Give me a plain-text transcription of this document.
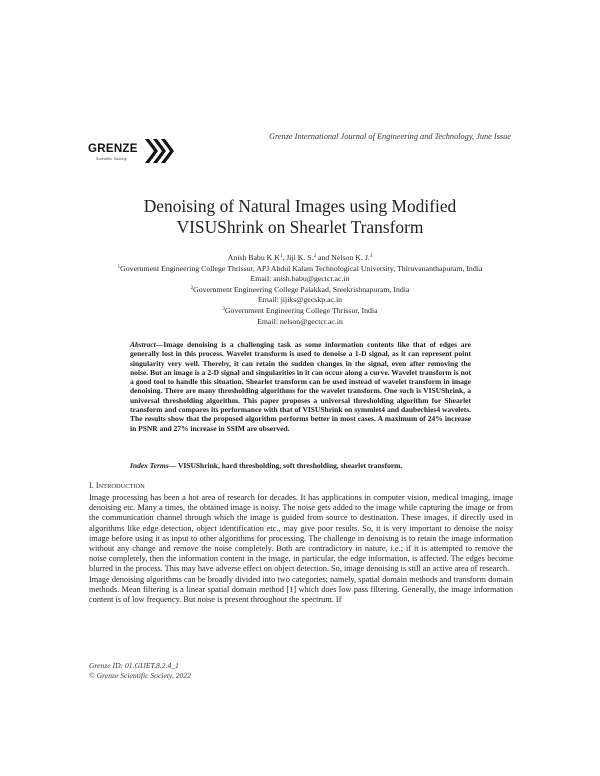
GRENZE
Scientific Society
Grenze International Journal of Engineering and Technology, June Issue
Denoising of Natural Images using Modified
VISUShrink on Shearlet Transform
Anish Babu K $K^1$, Jiji K. S.$^2$ and Nelson K. J.$^3$
$^1$Government Engineering College Thrissur, APJ Abdul Kalam Technological University, Thiruvananthapuram, India
Email: anish.babu@gectcr.ac.in
$^2$Government Engineering College Palakkad, Sreekrishnapuram, India
Email: jijiks@gecskp.ac.in
$^3$Government Engineering College Thrissur, India
Email: nelson@gectcr.ac.in
Abstract—Image denoising is a challenging task as some information contents like that of edges are generally lost in this process. Wavelet transform is used to denoise a 1-D signal, as it can represent point singularity very well. Thereby, it can retain the sudden changes in the signal, even after removing the noise. But an image is a 2-D signal and singularities in it can occur along a curve. Wavelet transform is not a good tool to handle this situation. Shearlet transform can be used instead of wavelet transform in image denoising. There are many thresholding algorithms for the wavelet transform. One such is VISUShrink, a universal thresholding algorithm. This paper proposes a universal thresholding algorithm for Shearlet transform and compares its performance with that of VISUShrink on symmlet4 and daubechies4 wavelets. The results show that the proposed algorithm performs better in most cases. A maximum of 24% increase in PSNR and 27% increase in SSIM are observed.
Index Terms— VISUShrink, hard thresholding, soft thresholding, shearlet transform.
I. INTRODUCTION

Image processing has been a hot area of research for decades. It has applications in computer vision, medical imaging, image denoising etc. Many a times, the obtained image is noisy. The noise gets added to the image while capturing the image or from the communication channel through which the image is guided from source to destination. These images, if directly used in algorithms like edge detection, object identification etc., may give poor results. So, it is very important to denoise the noisy image before using it as input to other algorithms for processing. The challenge in denoising is to retain the image information without any change and remove the noise completely. Both are contradictory in nature, i.e.; if it is attempted to remove the noise completely, then the information content in the image, in particular, the edge information, is affected. The edges become blurred in the process. This may have adverse effect on object detection. So, image denoising is still an active area of research.

Image denoising algorithms can be broadly divided into two categories; namely, spatial domain methods and transform domain methods. Mean filtering is a linear spatial domain method [1] which does low pass filtering. Generally, the image information content is of low frequency. But noise is present throughout the spectrum. If

Grenze ID: 01.GIJET.8.2.4_1
© Grenze Scientific Society, 2022
